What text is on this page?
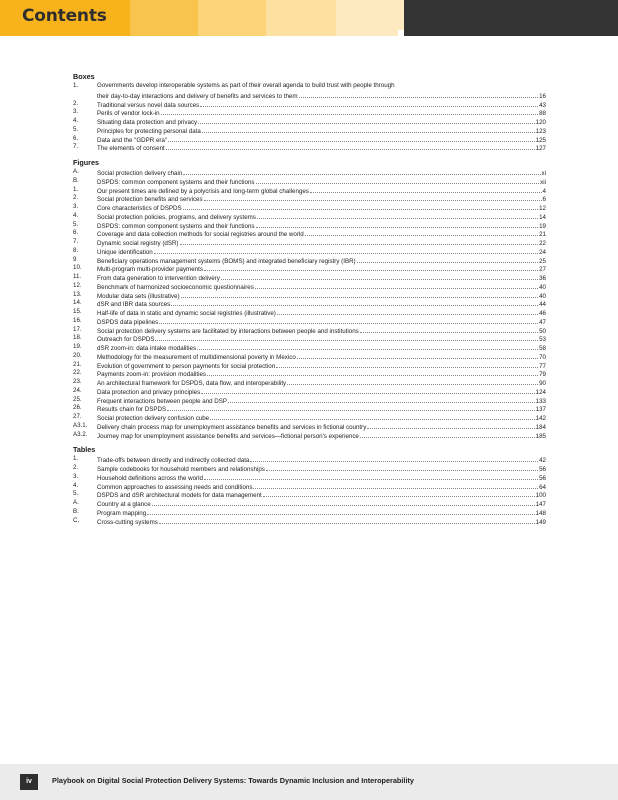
Contents
Boxes
1.	Governments develop interoperable systems as part of their overall agenda to build trust with people through
their day-to-day interactions and delivery of benefits and services to them	16
2.	Traditional versus novel data sources	43
3.	Perils of vendor lock-in	88
4.	Situating data protection and privacy	120
5.	Principles for protecting personal data	123
6.	Data and the "GDPR era"	125
7.	The elements of consent	127
Figures
A.	Social protection delivery chain	xi
B.	DSPDS: common component systems and their functions	xii
1.	Our present times are defined by a polycrisis and long-term global challenges	4
2.	Social protection benefits and services	6
3.	Core characteristics of DSPDS	12
4.	Social protection policies, programs, and delivery systems	14
5.	DSPDS: common component systems and their functions	19
6.	Coverage and data collection methods for social registries around the world	21
7.	Dynamic social registry (dSR)	22
8.	Unique identification	24
9	Beneficiary operations management systems (BOMS) and integrated beneficiary registry (IBR)	25
10.	Multi-program multi-provider payments	27
11.	From data generation to intervention delivery	36
12.	Benchmark of harmonized socioeconomic questionnaires	40
13.	Modular data sets (illustrative)	40
14.	dSR and IBR data sources	44
15.	Half-life of data in static and dynamic social registries (illustrative)	46
16.	DSPDS data pipelines	47
17.	Social protection delivery systems are facilitated by interactions between people and institutions	50
18.	Outreach for DSPDS	53
19.	dSR zoom-in: data intake modalities	58
20.	Methodology for the measurement of multidimensional poverty in Mexico	70
21.	Evolution of government to person payments for social protection	77
22.	Payments zoom-in: provision modalities	79
23.	An architectural framework for DSPDS, data flow, and interoperability	90
24.	Data protection and privacy principles	124
25.	Frequent interactions between people and DSP	133
26.	Results chain for DSPDS	137
27.	Social protection delivery confusion cube	142
A3.1.	Delivery chain process map for unemployment assistance benefits and services in fictional country	184
A3.2.	Journey map for unemployment assistance benefits and services—fictional person's experience	185
Tables
1.	Trade-offs between directly and indirectly collected data	42
2.	Sample codebooks for household members and relationships	56
3.	Household definitions across the world	56
4.	Common approaches to assessing needs and conditions	64
5.	DSPDS and dSR architectural models for data management	100
A.	Country at a glance	147
B.	Program mapping	148
C.	Cross-cutting systems	149
iv	Playbook on Digital Social Protection Delivery Systems: Towards Dynamic Inclusion and Interoperability
